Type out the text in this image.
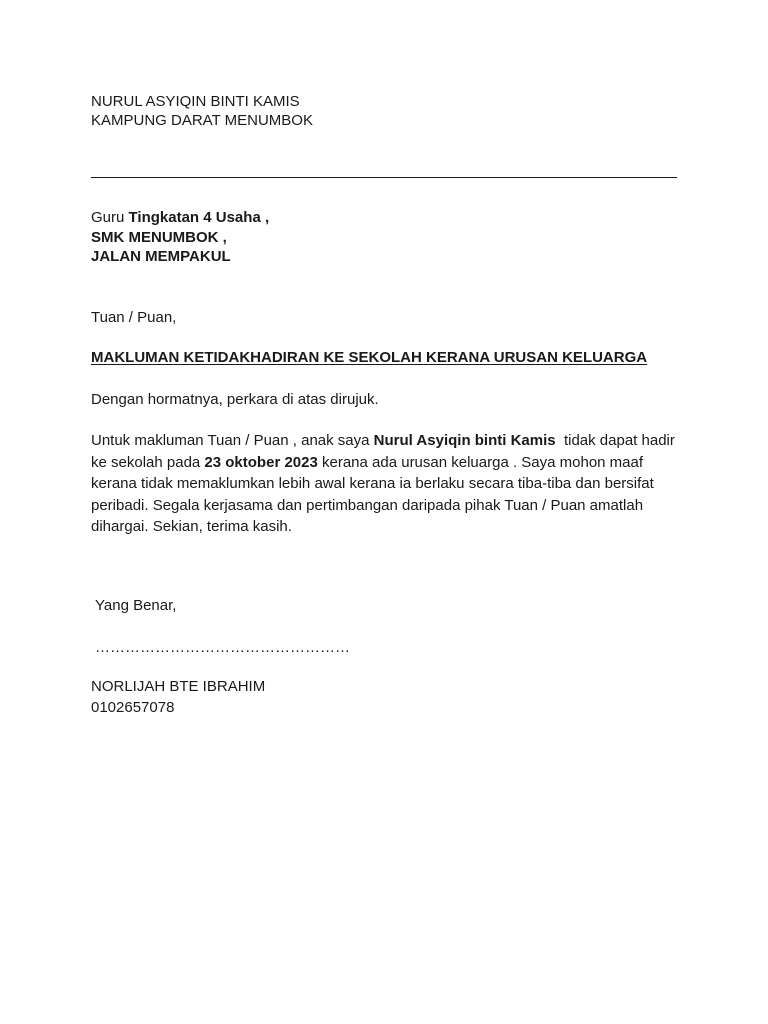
NURUL ASYIQIN BINTI KAMIS
KAMPUNG DARAT MENUMBOK
Guru Tingkatan 4 Usaha ,
SMK MENUMBOK ,
JALAN MEMPAKUL
Tuan / Puan,
MAKLUMAN KETIDAKHADIRAN KE SEKOLAH KERANA URUSAN KELUARGA
Dengan hormatnya, perkara di atas dirujuk.
Untuk makluman Tuan / Puan , anak saya Nurul Asyiqin binti Kamis  tidak dapat hadir
ke sekolah pada 23 oktober 2023 kerana ada urusan keluarga . Saya mohon maaf
kerana tidak memaklumkan lebih awal kerana ia berlaku secara tiba-tiba dan bersifat
peribadi. Segala kerjasama dan pertimbangan daripada pihak Tuan / Puan amatlah
dihargai. Sekian, terima kasih.
Yang Benar,
……………………………………………
NORLIJAH BTE IBRAHIM
0102657078
